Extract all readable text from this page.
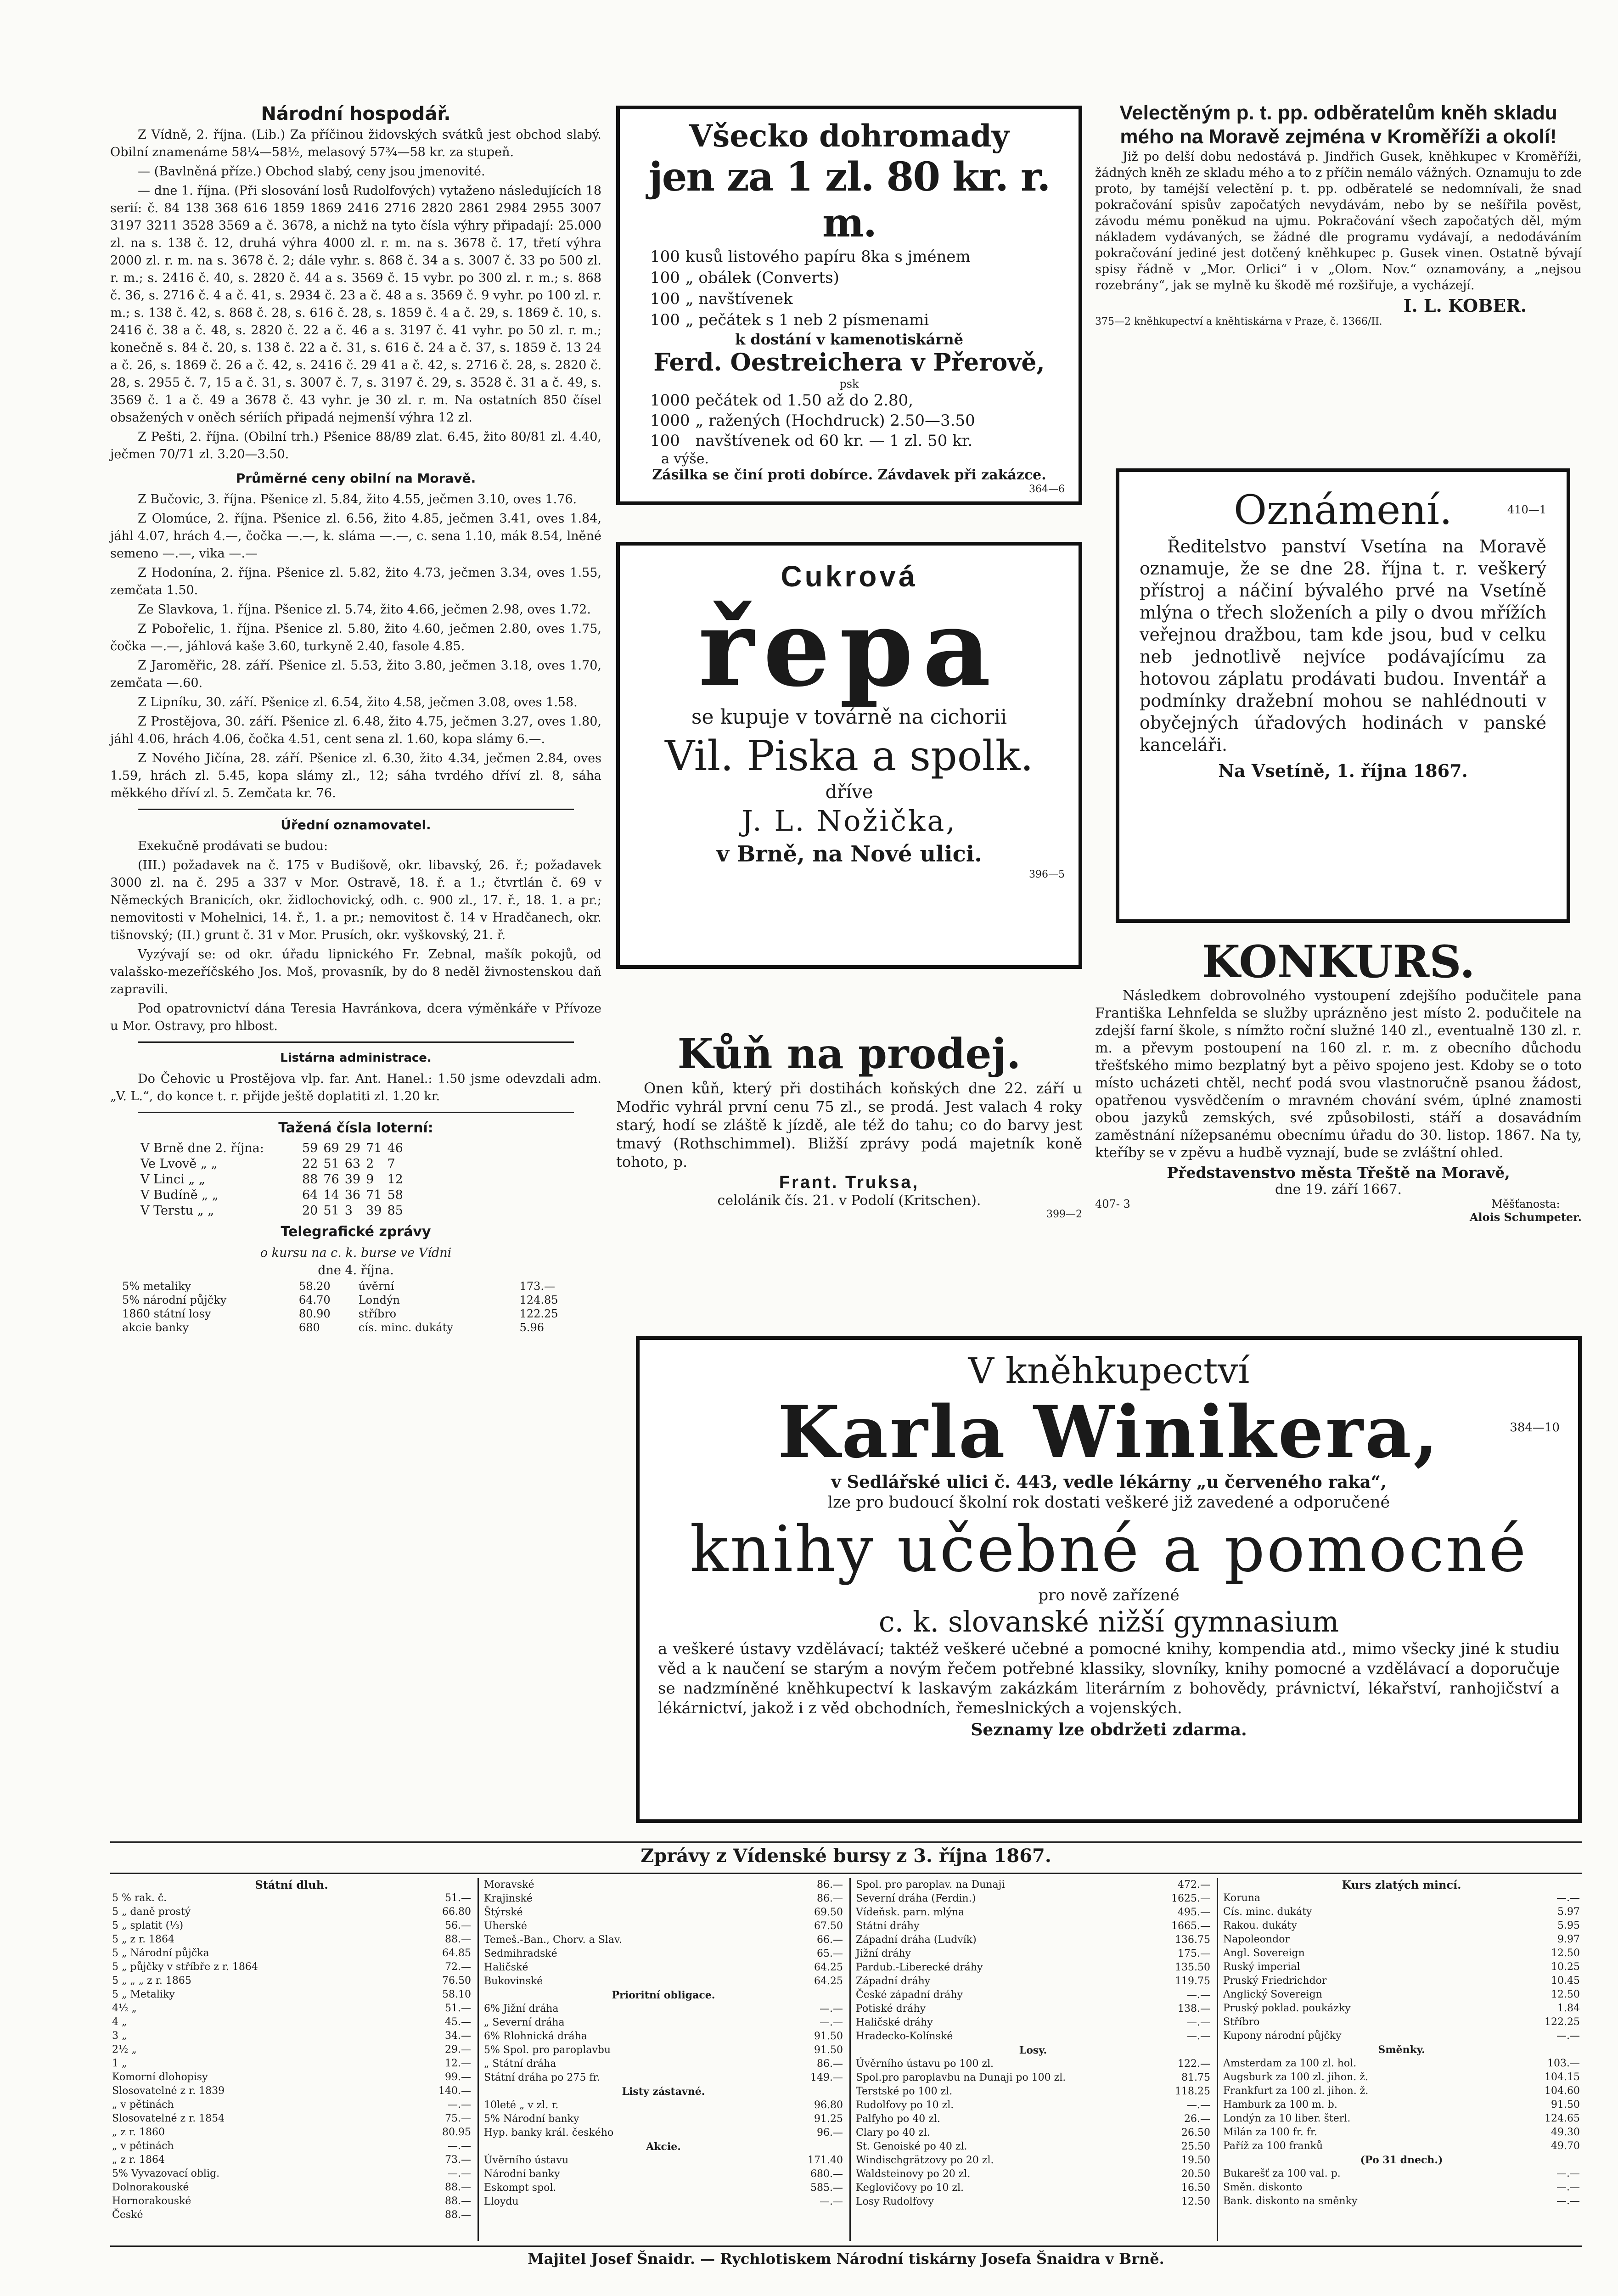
Národní hospodář.

Z Vídně, 2. října. (Lib.) Za příčinou židovských svátků jest obchod slabý. Obilní znamenáme 58¼—58½, melasový 57¾—58 kr. za stupeň.

— (Bavlněná příze.) Obchod slabý, ceny jsou jmenovité.

— dne 1. října. (Při slosování losů Rudolfových) vytaženo následujících 18 serií: č. 84 138 368 616 1859 1869 2416 2716 2820 2861 2984 2955 3007 3197 3211 3528 3569 a č. 3678, a nichž na tyto čísla výhry připadají: 25.000 zl. na s. 138 č. 12, druhá výhra 4000 zl. r. m. na s. 3678 č. 17, třetí výhra 2000 zl. r. m. na s. 3678 č. 2; dále vyhr. s. 868 č. 34 a s. 3007 č. 33 po 500 zl. r. m.; s. 2416 č. 40, s. 2820 č. 44 a s. 3569 č. 15 vybr. po 300 zl. r. m.; s. 868 č. 36, s. 2716 č. 4 a č. 41, s. 2934 č. 23 a č. 48 a s. 3569 č. 9 vyhr. po 100 zl. r. m.; s. 138 č. 42, s. 868 č. 28, s. 616 č. 28, s. 1859 č. 4 a č. 29, s. 1869 č. 10, s. 2416 č. 38 a č. 48, s. 2820 č. 22 a č. 46 a s. 3197 č. 41 vyhr. po 50 zl. r. m.; konečně s. 84 č. 20, s. 138 č. 22 a č. 31, s. 616 č. 24 a č. 37, s. 1859 č. 13 24 a č. 26, s. 1869 č. 26 a č. 42, s. 2416 č. 29 41 a č. 42, s. 2716 č. 28, s. 2820 č. 28, s. 2955 č. 7, 15 a č. 31, s. 3007 č. 7, s. 3197 č. 29, s. 3528 č. 31 a č. 49, s. 3569 č. 1 a č. 49 a 3678 č. 43 vyhr. je 30 zl. r. m. Na ostatních 850 čísel obsažených v oněch sériích připadá nejmenší výhra 12 zl.

Z Pešti, 2. října. (Obilní trh.) Pšenice 88/89 zlat. 6.45, žito 80/81 zl. 4.40, ječmen 70/71 zl. 3.20—3.50.

Průměrné ceny obilní na Moravě.

Z Bučovic, 3. října. Pšenice zl. 5.84, žito 4.55, ječmen 3.10, oves 1.76.

Z Olomúce, 2. října. Pšenice zl. 6.56, žito 4.85, ječmen 3.41, oves 1.84, jáhl 4.07, hrách 4.—, čočka —.—, k. sláma —.—, c. sena 1.10, mák 8.54, lněné semeno —.—, vika —.—

Z Hodonína, 2. října. Pšenice zl. 5.82, žito 4.73, ječmen 3.34, oves 1.55, zemčata 1.50.

Ze Slavkova, 1. října. Pšenice zl. 5.74, žito 4.66, ječmen 2.98, oves 1.72.

Z Pobořelic, 1. října. Pšenice zl. 5.80, žito 4.60, ječmen 2.80, oves 1.75, čočka —.—, jáhlová kaše 3.60, turkyně 2.40, fasole 4.85.

Z Jaroměřic, 28. září. Pšenice zl. 5.53, žito 3.80, ječmen 3.18, oves 1.70, zemčata —.60.

Z Lipníku, 30. září. Pšenice zl. 6.54, žito 4.58, ječmen 3.08, oves 1.58.

Z Prostějova, 30. září. Pšenice zl. 6.48, žito 4.75, ječmen 3.27, oves 1.80, jáhl 4.06, hrách 4.06, čočka 4.51, cent sena zl. 1.60, kopa slámy 6.—.

Z Nového Jičína, 28. září. Pšenice zl. 6.30, žito 4.34, ječmen 2.84, oves 1.59, hrách zl. 5.45, kopa slámy zl., 12; sáha tvrdého dříví zl. 8, sáha měkkého dříví zl. 5. Zemčata kr. 76.

Úřední oznamovatel.

Exekučně prodávati se budou:

(III.) požadavek na č. 175 v Budišově, okr. libavský, 26. ř.; požadavek 3000 zl. na č. 295 a 337 v Mor. Ostravě, 18. ř. a 1.; čtvrtlán č. 69 v Německých Branicích, okr. židlochovický, odh. c. 900 zl., 17. ř., 18. 1. a pr.; nemovitosti v Mohelnici, 14. ř., 1. a pr.; nemovitost č. 14 v Hradčanech, okr. tišnovský; (II.) grunt č. 31 v Mor. Prusích, okr. vyškovský, 21. ř.

Vyzývají se: od okr. úřadu lipnického Fr. Zebnal, mašík pokojů, od valašsko-mezeříčského Jos. Moš, provasník, by do 8 neděl živnostenskou daň zapravili.

Pod opatrovnictví dána Teresia Havránkova, dcera výměnkáře v Přívoze u Mor. Ostravy, pro hlbost.

Listárna administrace.

Do Čehovic u Prostějova vlp. far. Ant. Hanel.: 1.50 jsme odevzdali adm. „V. L.“, do konce t. r. přijde ještě doplatiti zl. 1.20 kr.

Tažená čísla loterní:
V Brně dne 2. října:	59	69	29	71	46
Ve Lvově „ „	22	51	63	2	7
V Linci „ „	88	76	39	9	12
V Budíně „ „	64	14	36	71	58
V Terstu „ „	20	51	3	39	85
Telegrafické zprávy
o kursu na c. k. burse ve Vídni
dne 4. října.
5% metaliky	58.20	úvěrní	173.—
5% národní půjčky	64.70	Londýn	124.85
1860 státní losy	80.90	stříbro	122.25
akcie banky	680	cís. minc. dukáty	5.96
Všecko dohromady
jen za 1 zl. 80 kr. r. m.
100	kusů listového papíru 8ka s jménem
100	„ obálek (Converts)
100	„ navštívenek
100	„ pečátek s 1 neb 2 písmenami
k dostání v kamenotiskárně
Ferd. Oestreichera v Přerově,
psk
1000	pečátek od 1.50 až do 2.80,
1000	„ ražených (Hochdruck) 2.50—3.50
100	navštívenek od 60 kr. — 1 zl. 50 kr.
a výše.
Zásilka se činí proti dobírce. Závdavek při zakázce.
364—6
Cukrová
řepa
se kupuje v továrně na cichorii
Vil. Piska a spolk.
dříve
J. L. Nožička,
v Brně, na Nové ulici.
396—5
Kůň na prodej.

Onen kůň, který při dostihách koňských dne 22. září u Modřic vyhrál první cenu 75 zl., se prodá. Jest valach 4 roky starý, hodí se zláště k jízdě, ale též do tahu; co do barvy jest tmavý (Rothschimmel). Bližší zprávy podá majetník koně tohoto, p.

Frant. Truksa,
celolánik čís. 21. v Podolí (Kritschen).
399—2
Velectěným p. t. pp. odběratelům kněh skladu mého na Moravě zejména v Kroměříži a okolí!

Již po delší dobu nedostává p. Jindřich Gusek, kněhkupec v Kroměříži, žádných kněh ze skladu mého a to z příčin nemálo vážných. Oznamuju to zde proto, by taméjší velectění p. t. pp. odběratelé se nedomnívali, že snad pokračování spisův započatých nevydávám, nebo by se nešířila pověst, závodu mému poněkud na ujmu. Pokračování všech započatých děl, mým nákladem vydávaných, se žádné dle programu vydávají, a nedodáváním pokračování jediné jest dotčený kněhkupec p. Gusek vinen. Ostatně bývají spisy řádně v „Mor. Orlici“ i v „Olom. Nov.“ oznamovány, a „nejsou rozebrány“, jak se mylně ku škodě mé rozšiřuje, a vycházejí.

I. L. KOBER.
375—2 kněhkupectví a kněhtiskárna v Praze, č. 1366/II.
Oznámení.	410—1

Ředitelstvo panství Vsetína na Moravě oznamuje, že se dne 28. října t. r. veškerý přístroj a náčiní bývalého prvé na Vsetíně mlýna o třech složeních a pily o dvou mřížích veřejnou dražbou, tam kde jsou, bud v celku neb jednotlivě nejvíce podávajícímu za hotovou záplatu prodávati budou. Inventář a podmínky dražební mohou se nahlédnouti v obyčejných úřadových hodinách v panské kanceláři.

Na Vsetíně, 1. října 1867.
KONKURS.

Následkem dobrovolného vystoupení zdejšího podučitele pana Františka Lehnfelda se služby uprázněno jest místo 2. podučitele na zdejší farní škole, s nímžto roční služné 140 zl., eventualně 130 zl. r. m. a převym postoupení na 160 zl. r. m. z obecního důchodu třešťského mimo bezplatný byt a pěivo spojeno jest. Kdoby se o toto místo ucházeti chtěl, nechť podá svou vlastnoručně psanou žádost, opatřenou vysvědčením o mravném chování svém, úplné znamosti obou jazyků zemských, své způsobilosti, stáří a dosavádním zaměstnání nížepsanému obecnímu úřadu do 30. listop. 1867. Na ty, kteříby se v zpěvu a hudbě vyznají, bude se zvláštní ohled.

Představenstvo města Třeště na Moravě,
dne 19. září 1667.
407- 3	Měšťanosta:
Alois Schumpeter.
V kněhkupectví
Karla Winikera,	384—10
v Sedlářské ulici č. 443, vedle lékárny „u červeného raka“,
lze pro budoucí školní rok dostati veškeré již zavedené a odporučené
knihy učebné a pomocné
pro nově zařízené
c. k. slovanské nižší gymnasium

a veškeré ústavy vzdělávací; taktéž veškeré učebné a pomocné knihy, kompendia atd., mimo všecky jiné k studiu věd a k naučení se starým a novým řečem potřebné klassiky, slovníky, knihy pomocné a vzdělávací a doporučuje se nadzmíněné kněhkupectví k laskavým zakázkám literárním z bohovědy, právnictví, lékařství, ranhojičství a lékárnictví, jakož i z věd obchodních, řemeslnických a vojenských.

Seznamy lze obdržeti zdarma.
Zprávy z Vídenské bursy z 3. října 1867.
Státní dluh.
5 % rak. č.	51.—
5 „ daně prostý	66.80
5 „ splatit (⅓)	56.—
5 „ z r. 1864	88.—
5 „ Národní půjčka	64.85
5 „ půjčky v stříbře z r. 1864	72.—
5 „ „ „ z r. 1865	76.50
5 „ Metaliky	58.10
4½ „	51.—
4 „	45.—
3 „	34.—
2½ „	29.—
1 „	12.—
Komorní dlohopisy	99.—
Slosovatelné z r. 1839	140.—
„ v pětinách	—.—
Slosovatelné z r. 1854	75.—
„ z r. 1860	80.95
„ v pětinách	—.—
„ z r. 1864	73.—
5% Vyvazovací oblig.	—.—
Dolnorakouské	88.—
Hornorakouské	88.—
České	88.—
Moravské	86.—
Krajinské	86.—
Štýrské	69.50
Uherské	67.50
Temeš.-Ban., Chorv. a Slav.	66.—
Sedmihradské	65.—
Haličské	64.25
Bukovinské	64.25
Prioritní obligace.	
6% Jižní dráha	—.—
„ Severní dráha	—.—
6% Rlohnická dráha	91.50
5% Spol. pro paroplavbu	91.50
„ Státní dráha	86.—
Státní dráha po 275 fr.	149.—
Listy zástavné.	
10leté „ v zl. r.	96.80
5% Národní banky	91.25
Hyp. banky král. českého	96.—
Akcie.	
Úvěrního ústavu	171.40
Národní banky	680.—
Eskompt spol.	585.—
Lloydu	—.—
Spol. pro paroplav. na Dunaji	472.—
Severní dráha (Ferdin.)	1625.—
Vídeňsk. parn. mlýna	495.—
Státní dráhy	1665.—
Západní dráha (Ludvík)	136.75
Jižní dráhy	175.—
Pardub.-Liberecké dráhy	135.50
Západní dráhy	119.75
České západní dráhy	—.—
Potiské dráhy	138.—
Haličské dráhy	—.—
Hradecko-Kolínské	—.—
Losy.	
Úvěrního ústavu po 100 zl.	122.—
Spol.pro paroplavbu na Dunaji po 100 zl.	81.75
Terstské po 100 zl.	118.25
Rudolfovy po 10 zl.	—.—
Palfyho po 40 zl.	26.—
Clary po 40 zl.	26.50
St. Genoiské po 40 zl.	25.50
Windischgrätzovy po 20 zl.	19.50
Waldsteinovy po 20 zl.	20.50
Keglovičovy po 10 zl.	16.50
Losy Rudolfovy	12.50
Kurs zlatých mincí.
Koruna	—.—
Cís. minc. dukáty	5.97
Rakou. dukáty	5.95
Napoleondor	9.97
Angl. Sovereign	12.50
Ruský imperial	10.25
Pruský Friedrichdor	10.45
Anglický Sovereign	12.50
Pruský poklad. poukázky	1.84
Stříbro	122.25
Kupony národní půjčky	—.—
Směnky.	
Amsterdam za 100 zl. hol.	103.—
Augsburk za 100 zl. jihon. ž.	104.15
Frankfurt za 100 zl. jihon. ž.	104.60
Hamburk za 100 m. b.	91.50
Londýn za 10 liber. šterl.	124.65
Milán za 100 fr. fr.	49.30
Paříž za 100 franků	49.70
(Po 31 dnech.)	
Bukarešť za 100 val. p.	—.—
Směn. diskonto	—.—
Bank. diskonto na směnky	—.—
Majitel Josef Šnaidr. — Rychlotiskem Národní tiskárny Josefa Šnaidra v Brně.
